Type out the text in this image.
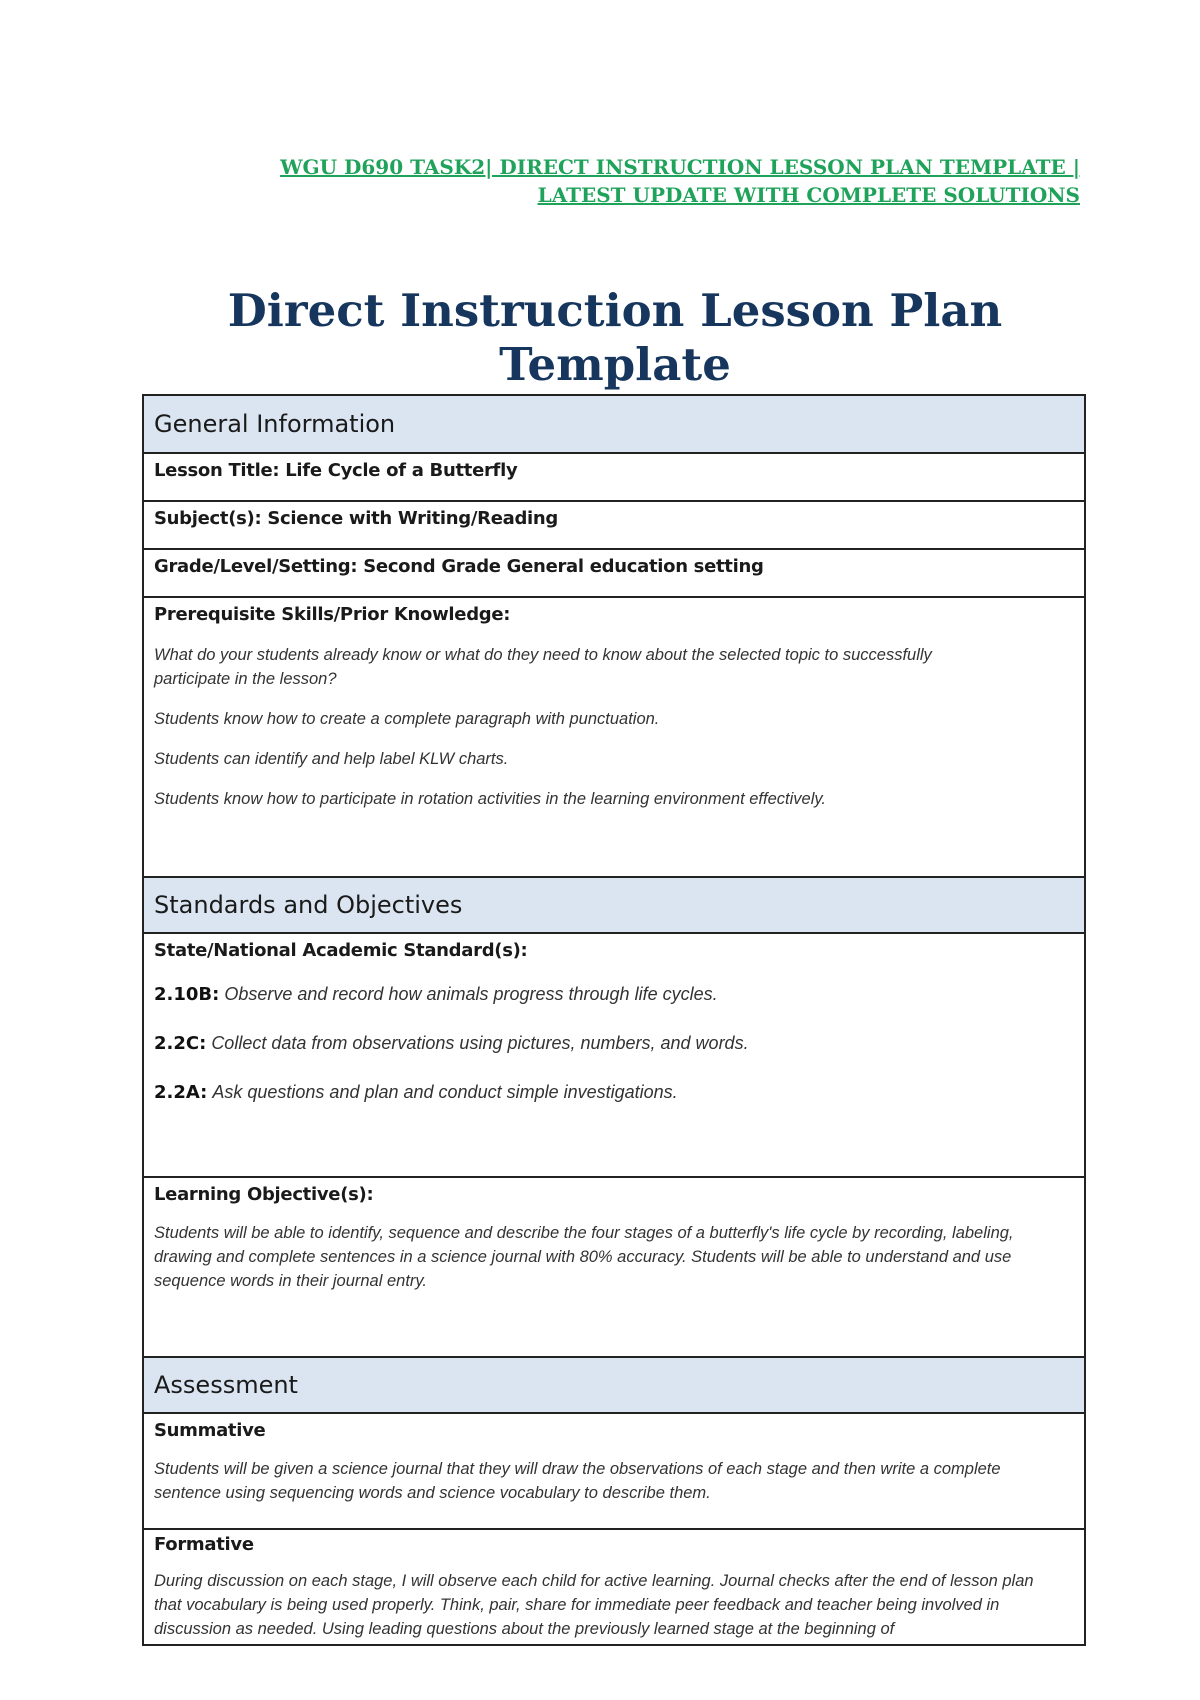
WGU D690 TASK2| DIRECT INSTRUCTION LESSON PLAN TEMPLATE |
LATEST UPDATE WITH COMPLETE SOLUTIONS
Direct Instruction Lesson Plan
Template
General Information
Lesson Title: Life Cycle of a Butterfly
Subject(s): Science with Writing/Reading
Grade/Level/Setting: Second Grade General education setting
Prerequisite Skills/Prior Knowledge:

What do your students already know or what do they need to know about the selected topic to successfully participate in the lesson?

Students know how to create a complete paragraph with punctuation.

Students can identify and help label KLW charts.

Students know how to participate in rotation activities in the learning environment effectively.

Standards and Objectives
State/National Academic Standard(s):

2.10B: Observe and record how animals progress through life cycles.

2.2C: Collect data from observations using pictures, numbers, and words.

2.2A: Ask questions and plan and conduct simple investigations.

Learning Objective(s):

Students will be able to identify, sequence and describe the four stages of a butterfly's life cycle by recording, labeling, drawing and complete sentences in a science journal with 80% accuracy. Students will be able to understand and use sequence words in their journal entry.

Assessment
Summative

Students will be given a science journal that they will draw the observations of each stage and then write a complete sentence using sequencing words and science vocabulary to describe them.

Formative

During discussion on each stage, I will observe each child for active learning. Journal checks after the end of lesson plan that vocabulary is being used properly. Think, pair, share for immediate peer feedback and teacher being involved in discussion as needed. Using leading questions about the previously learned stage at the beginning of
